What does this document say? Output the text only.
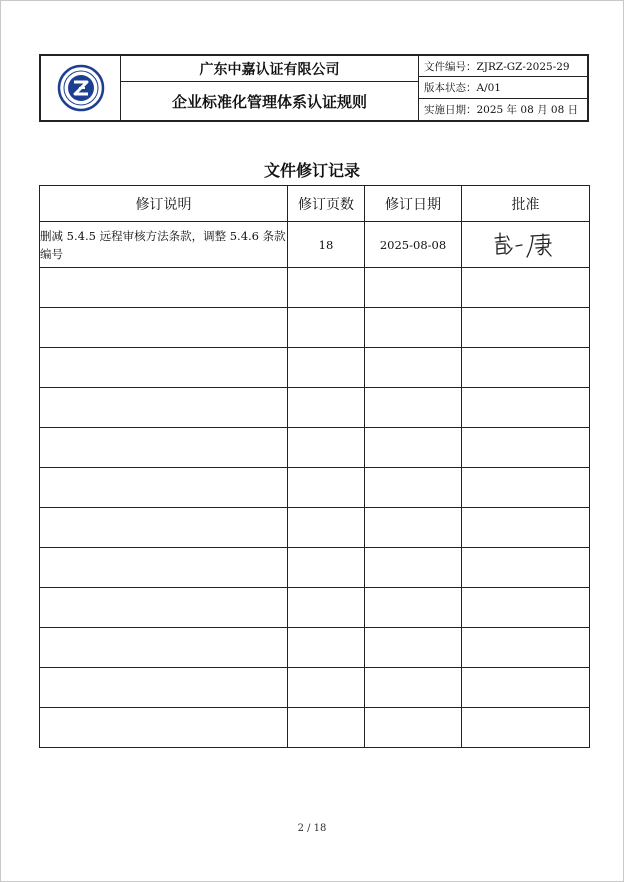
广东中嘉认证有限公司
企业标准化管理体系认证规则
文件编号：ZJRZ-GZ-2025-29
版本状态：A/01
实施日期：2025 年 08 月 08 日
文件修订记录
修订说明	修订页数	修订日期	批准
删减 5.4.5 远程审核方法条款，调整 5.4.6 条款编号	18	2025-08-08	

2 / 18
